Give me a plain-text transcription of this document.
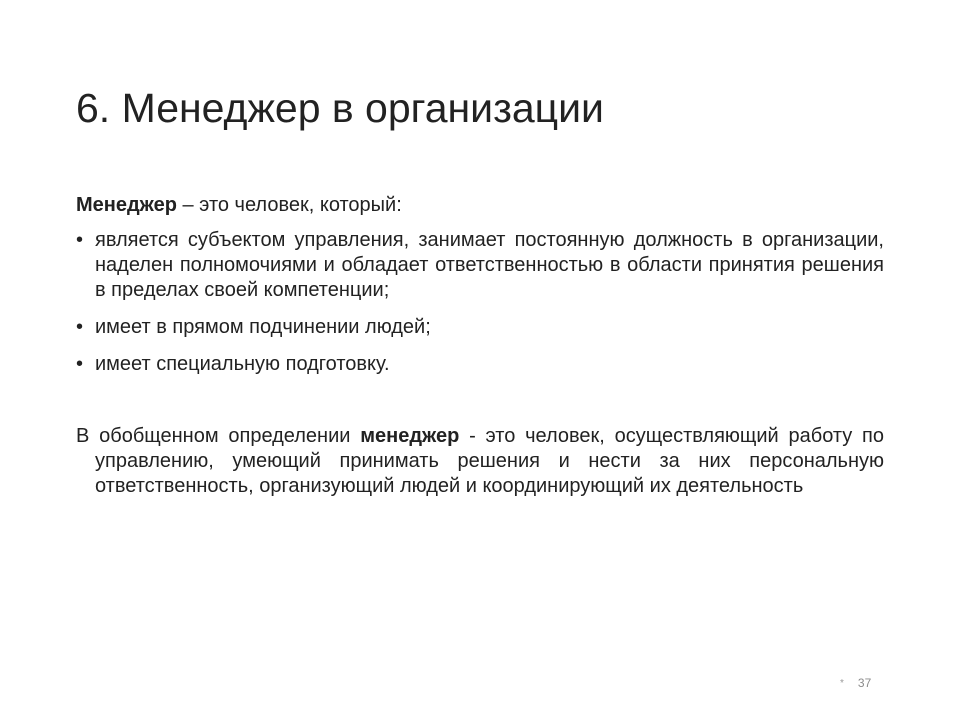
6. Менеджер в организации

Менеджер – это человек, который:

• является субъектом управления, занимает постоянную должность в организации, наделен полномочиями и обладает ответственностью в области принятия решения в пределах своей компетенции;
• имеет в прямом подчинении людей;
• имеет специальную подготовку.

В обобщенном определении менеджер - это человек, осуществляющий работу по управлению, умеющий принимать решения и нести за них персональную ответственность, организующий людей и координирующий их деятельность

* 37
